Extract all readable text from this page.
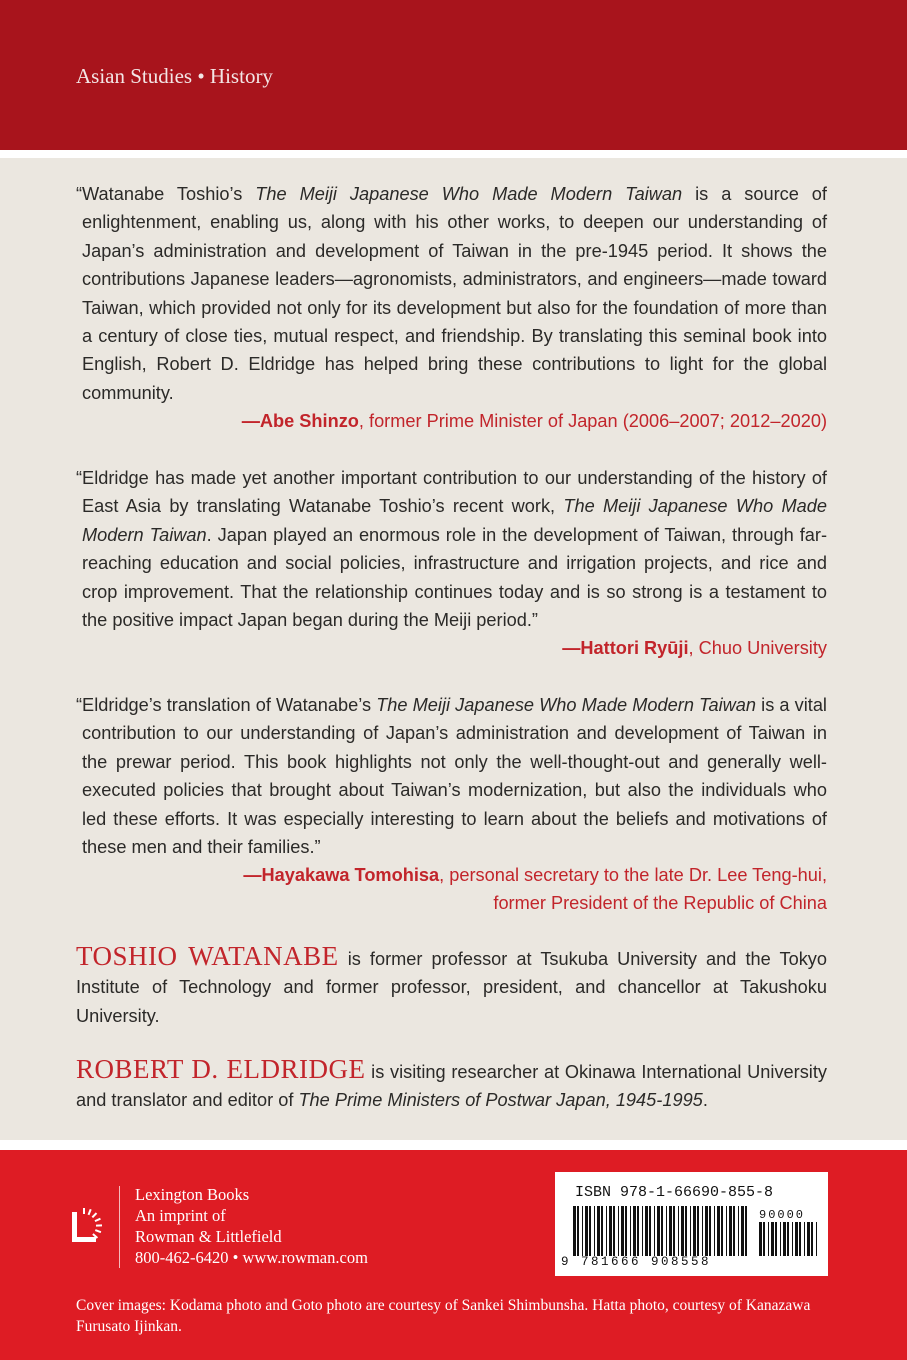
Asian Studies • History
“Watanabe Toshio’s The Meiji Japanese Who Made Modern Taiwan is a source of enlightenment, enabling us, along with his other works, to deepen our understanding of Japan’s administration and development of Taiwan in the pre-1945 period. It shows the contributions Japanese leaders—agronomists, administrators, and engineers—made toward Taiwan, which provided not only for its development but also for the foundation of more than a century of close ties, mutual respect, and friendship. By translating this seminal book into English, Robert D. Eldridge has helped bring these contributions to light for the global community.
—Abe Shinzo, former Prime Minister of Japan (2006–2007; 2012–2020)
“Eldridge has made yet another important contribution to our understanding of the history of East Asia by translating Watanabe Toshio’s recent work, The Meiji Japanese Who Made Modern Taiwan. Japan played an enormous role in the development of Taiwan, through far-reaching education and social policies, infrastructure and irrigation projects, and rice and crop improvement. That the relationship continues today and is so strong is a testament to the positive impact Japan began during the Meiji period.”
—Hattori Ryūji, Chuo University
“Eldridge’s translation of Watanabe’s The Meiji Japanese Who Made Modern Taiwan is a vital contribution to our understanding of Japan’s administration and development of Taiwan in the prewar period. This book highlights not only the well-thought-out and generally well-executed policies that brought about Taiwan’s modernization, but also the individuals who led these efforts. It was especially interesting to learn about the beliefs and motivations of these men and their families.”
—Hayakawa Tomohisa, personal secretary to the late Dr. Lee Teng-hui,
former President of the Republic of China
TOSHIO WATANABE is former professor at Tsukuba University and the Tokyo Institute of Technology and former professor, president, and chancellor at Takushoku University.
ROBERT D. ELDRIDGE is visiting researcher at Okinawa International University and translator and editor of The Prime Ministers of Postwar Japan, 1945-1995.
Lexington Books
An imprint of
Rowman & Littlefield
800-462-6420 • www.rowman.com
ISBN 978-1-66690-855-8
90000
9 781666 908558
Cover images: Kodama photo and Goto photo are courtesy of Sankei Shimbunsha. Hatta photo, courtesy of Kanazawa Furusato Ijinkan.
